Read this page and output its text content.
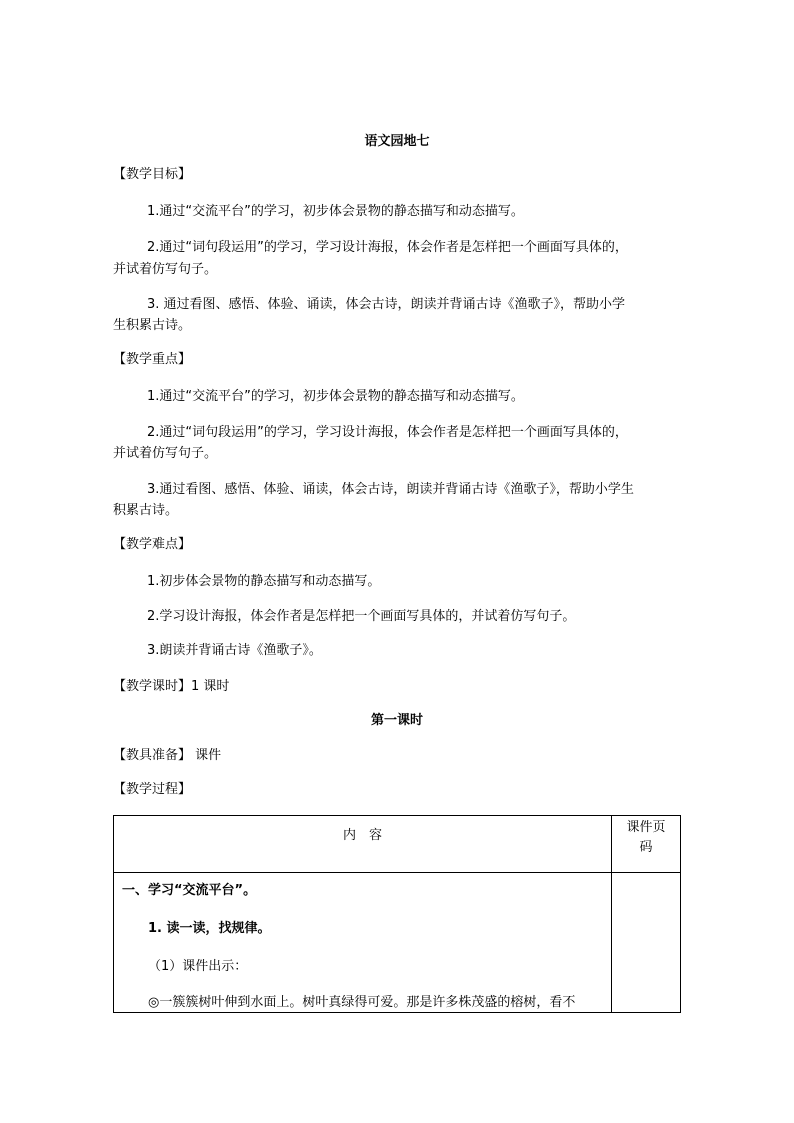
语文园地七
【教学目标】
1.通过“交流平台”的学习，初步体会景物的静态描写和动态描写。
2.通过“词句段运用”的学习，学习设计海报，体会作者是怎样把一个画面写具体的，
并试着仿写句子。
3. 通过看图、感悟、体验、诵读，体会古诗，朗读并背诵古诗《渔歌子》，帮助小学
生积累古诗。
【教学重点】
1.通过“交流平台”的学习，初步体会景物的静态描写和动态描写。
2.通过“词句段运用”的学习，学习设计海报，体会作者是怎样把一个画面写具体的，
并试着仿写句子。
3.通过看图、感悟、体验、诵读，体会古诗，朗读并背诵古诗《渔歌子》，帮助小学生
积累古诗。
【教学难点】
1.初步体会景物的静态描写和动态描写。
2.学习设计海报，体会作者是怎样把一个画面写具体的，并试着仿写句子。
3.朗读并背诵古诗《渔歌子》。
【教学课时】1 课时
第一课时
【教具准备】 课件
【教学过程】
内　容	课件页
码

一、学习“交流平台”。
1. 读一读，找规律。
（1）课件出示：
◎一簇簇树叶伸到水面上。树叶真绿得可爱。那是许多株茂盛的榕树，看不	
